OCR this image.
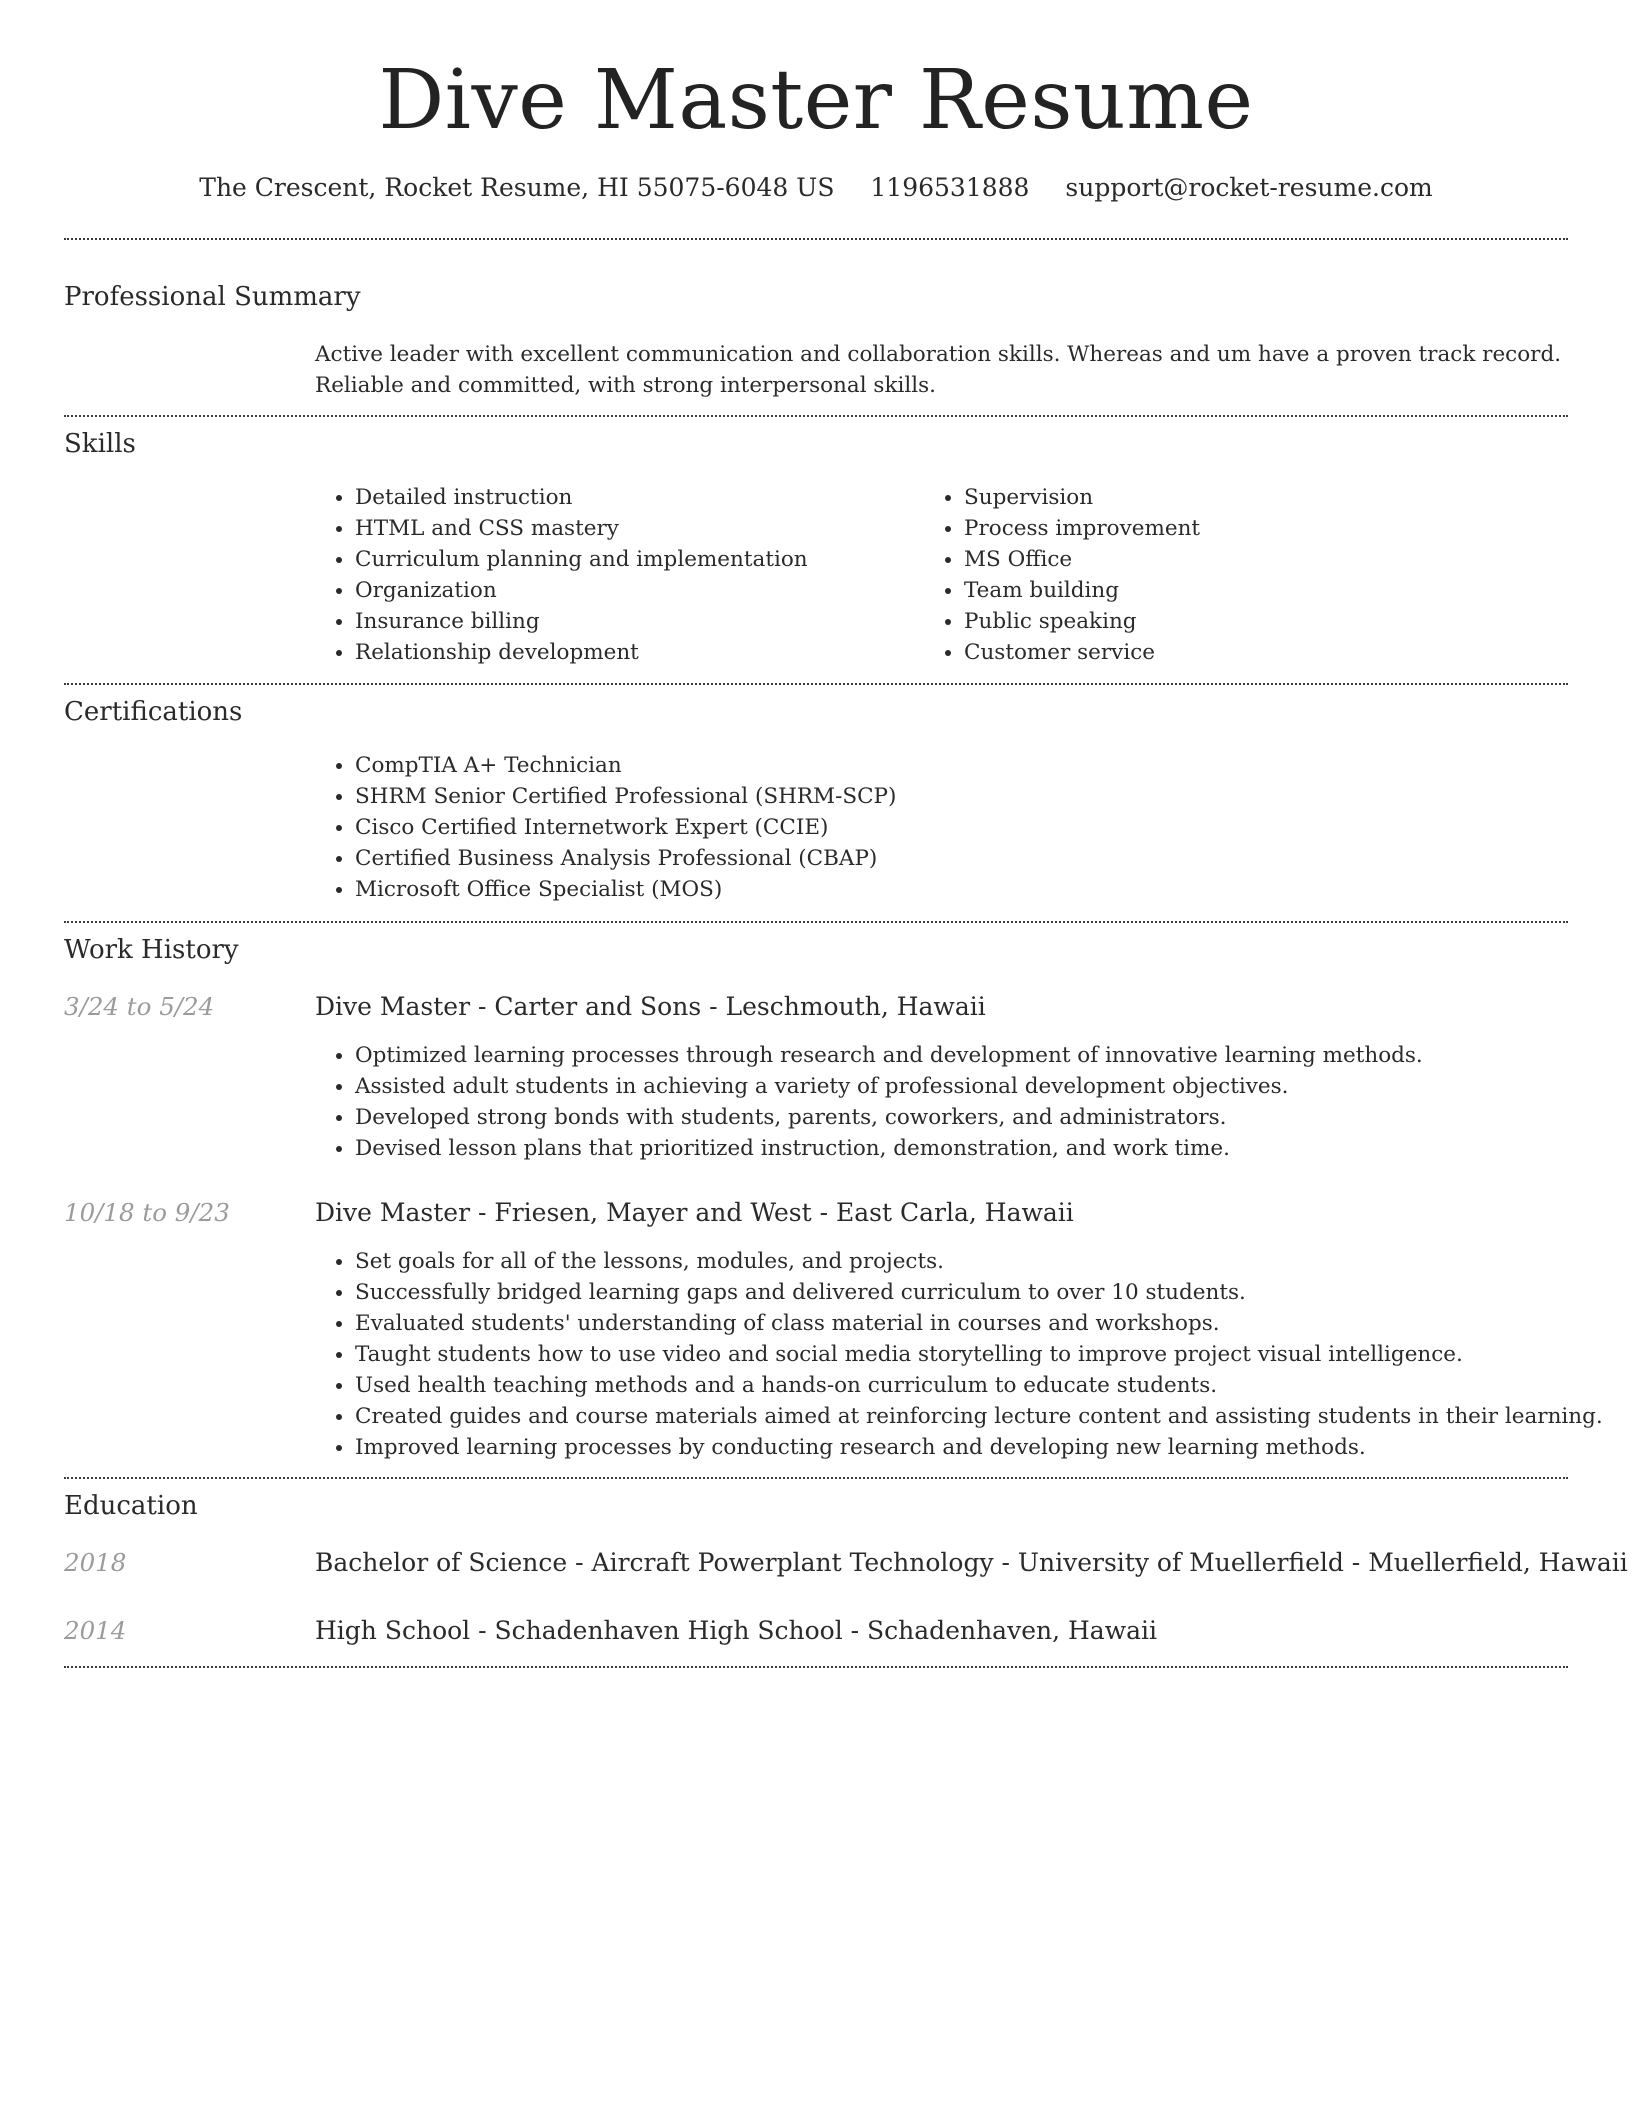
Dive Master Resume
The Crescent, Rocket Resume, HI 55075-6048 US 1196531888 support@rocket-resume.com
Professional Summary
Active leader with excellent communication and collaboration skills. Whereas and um have a proven track record. Reliable and committed, with strong interpersonal skills.
Skills
• Detailed instruction
• HTML and CSS mastery
• Curriculum planning and implementation
• Organization
• Insurance billing
• Relationship development
• Supervision
• Process improvement
• MS Office
• Team building
• Public speaking
• Customer service
Certifications
• CompTIA A+ Technician
• SHRM Senior Certified Professional (SHRM-SCP)
• Cisco Certified Internetwork Expert (CCIE)
• Certified Business Analysis Professional (CBAP)
• Microsoft Office Specialist (MOS)
Work History
3/24 to 5/24	Dive Master - Carter and Sons - Leschmouth, Hawaii
• Optimized learning processes through research and development of innovative learning methods.
• Assisted adult students in achieving a variety of professional development objectives.
• Developed strong bonds with students, parents, coworkers, and administrators.
• Devised lesson plans that prioritized instruction, demonstration, and work time.
10/18 to 9/23	Dive Master - Friesen, Mayer and West - East Carla, Hawaii
• Set goals for all of the lessons, modules, and projects.
• Successfully bridged learning gaps and delivered curriculum to over 10 students.
• Evaluated students' understanding of class material in courses and workshops.
• Taught students how to use video and social media storytelling to improve project visual intelligence.
• Used health teaching methods and a hands-on curriculum to educate students.
• Created guides and course materials aimed at reinforcing lecture content and assisting students in their learning.
• Improved learning processes by conducting research and developing new learning methods.
Education
2018	Bachelor of Science - Aircraft Powerplant Technology - University of Muellerfield - Muellerfield, Hawaii
2014	High School - Schadenhaven High School - Schadenhaven, Hawaii
